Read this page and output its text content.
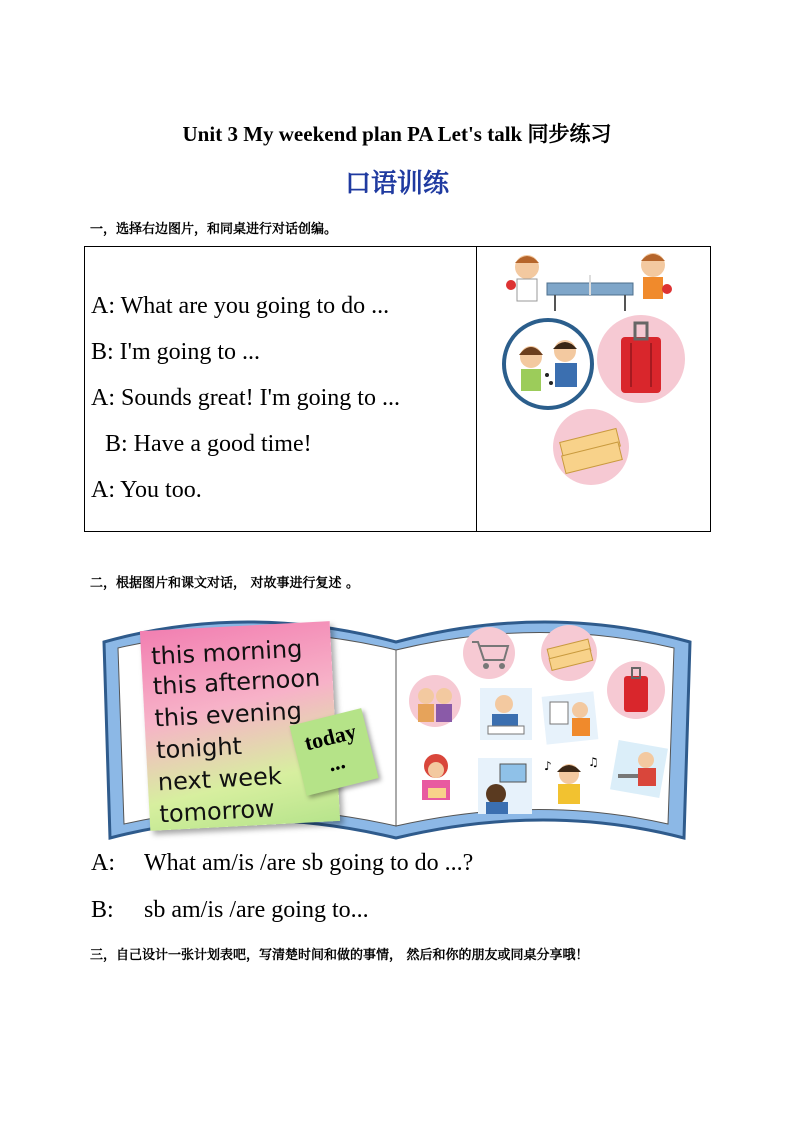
Unit 3 My weekend plan PA Let's talk 同步练习
口语训练
一，选择右边图片，和同桌进行对话创编。
A: What are you going to do ...
B: I'm going to ...
A: Sounds great! I'm going to ...
B: Have a good time!
A: You too.
二，根据图片和课文对话， 对故事进行复述 。
this morning
this afternoon
this evening
tonight
next week
tomorrow
today
...	♪	♫
A: What am/is /are sb going to do ...?
B: sb am/is /are going to...
三，自己设计一张计划表吧，写清楚时间和做的事情， 然后和你的朋友或同桌分享哦！
